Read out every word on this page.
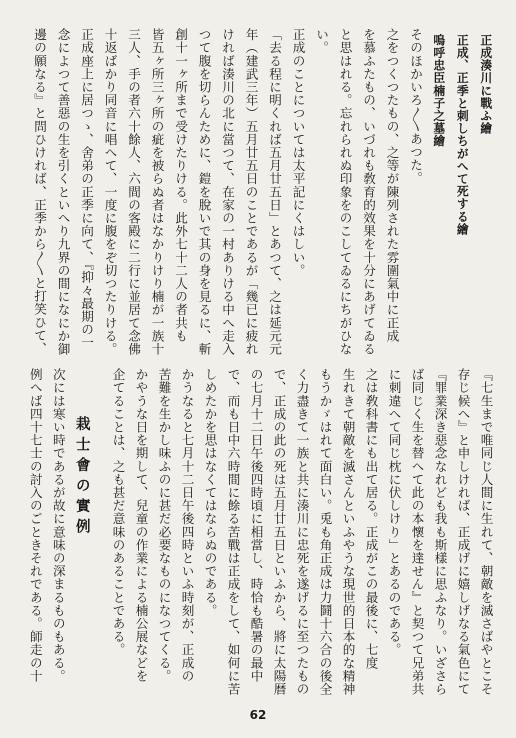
正成湊川に戰ふ繪
正成、正季と刺しちがへて死する繪
嗚呼忠臣楠子之墓繪
そのほかいろ〳〵あつた。
之をつくつたもの、之等が陳列された雰圍氣中に正成
を慕ふたもの、いづれも敎育的效果を十分にあげてゐる
と思はれる。忘れられぬ印象をのこしてゐるにちがひな
い。
正成のことについては太平記にくはしい。
「去る程に明くれば五月廿五日」とあつて、之は延元元
年（建武三年）五月廿五日のことであるが「幾已に疲れ
ければ湊川の北に當つて、在家の一村ありける中へ走入
つて腹を切らんために、鎧を脫いで其の身を見るに、斬
創十一ヶ所まで受けたりける。此外七十二人の者共も
皆五ヶ所三ヶ所の疵を被らぬ者はなかりけり楠が一族十
三人、手の者六十餘人、六間の客殿に二行に並居て念佛
十返ばかり同音に唱へて、一度に腹をぞ切つたりける。
正成座上に居つゝ、舍弟の正季に向て、『抑々最期の一
念によつて善惡の生を引くといへり九界の間になにか御
邊の願なる』と問ひければ、正季から〳〵と打笑ひて、
『七生まで唯同じ人間に生れて、朝敵を滅さばやとこそ
存じ候へ』と申しければ、正成げに嬉しげなる氣色にて
『罪業深き惡念なれども我も斯樣に思ふなり。いざさら
ば同じく生を替へて此の本懷を達せん』と契つて兄弟共
に刺違へて同じ枕に伏しけり」とあるのである。
之は敎科書にも出て居る。正成がこの最後に、七度
生れきて朝敵を滅さんといふやうな現世的日本的な精神
もうかゞはれて面白い。兎も角正成は力鬪十六合の後全
く力盡きて一族と共に湊川に忠死を遂げるに至つたもの
で、正成の此の死は五月廿五日といふから、將に太陽暦
の七月十二日午後四時頃に相當し、時恰も酷暑の最中
で、而も日中六時間に餘る苦戰は正成をして、如何に苦
しめたかを思はなくてはならぬのである。
かうなると七月十二日午後四時といふ時刻が、正成の
苦難を生かし味ふのに甚だ必要なものになつてくる。
かやうな日を期して、兒童の作業による楠公展などを
企てることは、之も甚だ意味のあることである。
栽士會の實例
次には寒い時であるが故に意味の深まるものもある。
例へば四十七士の討入のごときそれである。師走の十
62
